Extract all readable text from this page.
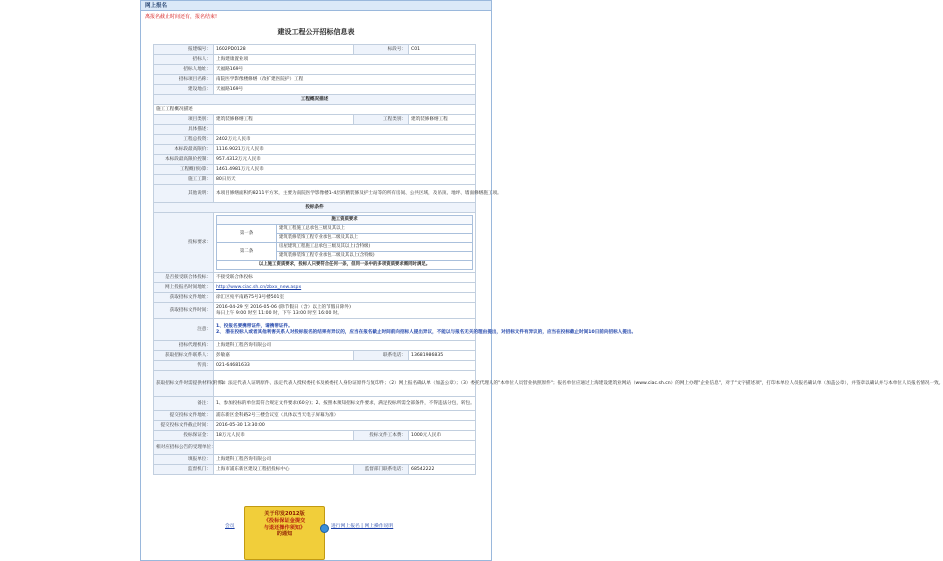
网上报名
离报名截止时间还有，报名结束!
建设工程公开招标信息表
报建编号：	1602PD0128	标段号：	C01
招标人：	上海建康置业项
招标人地址：	天福路169号
招标项目名称：	南院医学影像楼修缮（改扩建医院护）工程
建设地点：	天福路169号
工程概况描述
施工工程概况描述
项目类别：	建筑装修修缮工程	工程类别：	建筑装修修缮工程
具体描述：	
工程总投资：	2402万元人民币
本标段最高限价：	1116.9021万元人民币
本标段最高限价控制：	957.4312万元人民币
工程概(预)算：	1461.4981万元人民币
施工工期：	80日历天
其他说明：	本项目修缮面积约8211平方米，主要为南院医学影像楼1-4层的精装修及护士站等的所有房间、公共区域，及吊顶、地坪、墙面修缮施工项。
投标条件
投标要求：	
施工资质要求
第一条	建筑工程施工总承包三级及其以上
建筑装修装饰工程专业承包二级及其以上
第二条	房屋建筑工程施工总承包三级及其以上(含特级)
建筑装修装饰工程专业承包二级及其以上(含特级)
以上施工资质要求，投标人只要符合任何一条，但同一条中的多项资质要求需同时满足。

是否接受联合体投标：	不接受联合体投标
网上投报名时间地址：	http://www.ciac.sh.cn/zbxx_new.aspx
获取招标文件地址：	徐汇区宛平南路75号3号楼501室
获取招标文件时间：	
2016-04-29 至 2016-05-06 (除节假日（含）以上的节假日除外)
每日上午 9:00 时至 11:00 时，下午 13:00 时至 16:00 时。

注意：	
1、投报名要携带证件，请携带证件。
2、 潜在投标人或者其他利害关系人对投标报名的结果有异议的，应当在报名截止时间前向招标人提出异议，不能以与报名无关的理由提出，对招标文件有异议的，应当在投标截止时间10日前向招标人提出。

招标代理机构：	上海建科工程咨询有限公司
获取招标文件联系人：	彭敏嘉	联系电话：	13681986835
传真：	021-64681633
获取招标文件时需提供材料(附件)：	（1）法定代表人证明原件、法定代表人授权委托书及被委托人身份证原件与复印件；（2）网上报名确认单（加盖公章）；（3）委托代理人的"本单位人员营业执照原件"；报名单位应通过上海建设建筑业网站（www.ciac.sh.cn）的网上办理"企业信息"，对于"文字描述项"，打印本单位人员报名确认单（加盖公章），并签章以确认并与本单位人员报名情况一致。
备注：	1、参加投标的单位需符合规定文件要求(60分)；2、按照本须知招标文件要求，满足投标所需全部条件，不得违法分包，转包。
提交投标文件地址：	浦东新区金科路2号三楼会议室（具体以当天电子屏幕为准）
提交投标文件截止时间：	2016-05-30 13:30:00
投标保证金：	18万元人民币	投标文件工本费：	1000元人民币
相对应招标公告的受理单位：	
填报单位：	上海建科工程咨询有限公司
监督机门：	上海市浦东新区建设工程招投标中心	监督部门联系电话：	68542222
会员	进行网上报名 | 网上操作说明
关于印发2012版
《投标保证金提交
与退还操作须知》
的通知
